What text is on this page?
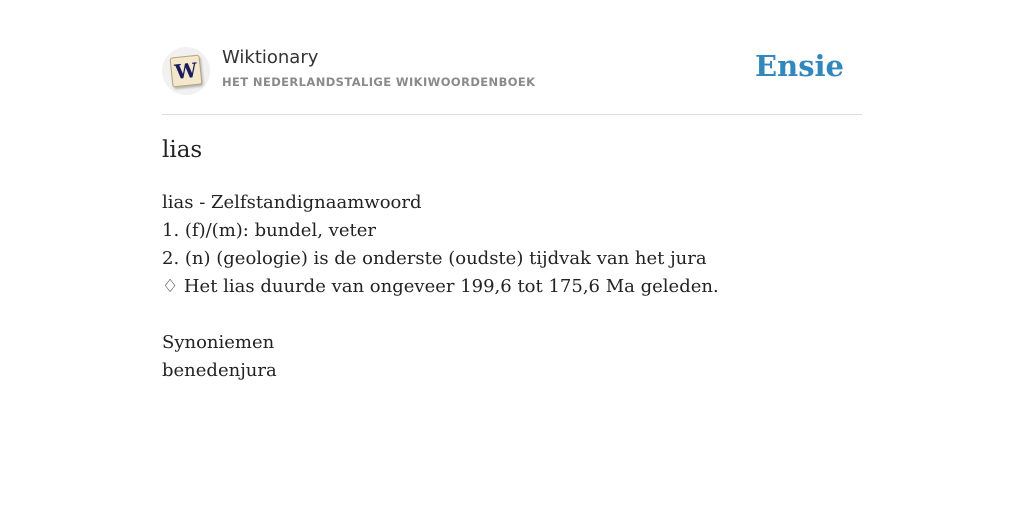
W
Wiktionary
HET NEDERLANDSTALIGE WIKIWOORDENBOEK	Ensie
lias
lias - Zelfstandignaamwoord
1. (f)/(m): bundel, veter
2. (n) (geologie) is de onderste (oudste) tijdvak van het jura
♢ Het lias duurde van ongeveer 199,6 tot 175,6 Ma geleden.
Synoniemen
benedenjura
